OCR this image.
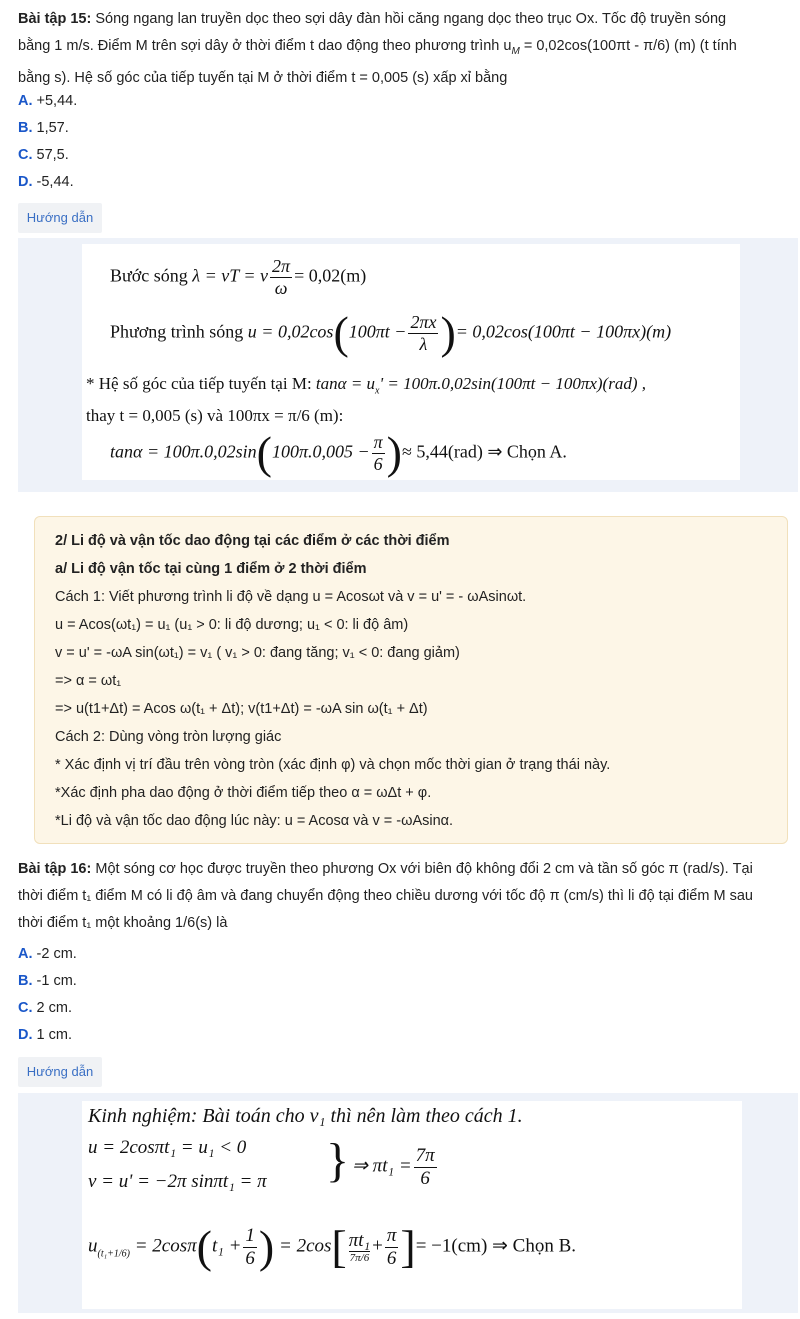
Bài tập 15: Sóng ngang lan truyền dọc theo sợi dây đàn hồi căng ngang dọc theo trục Ox. Tốc độ truyền sóng
bằng 1 m/s. Điểm M trên sợi dây ở thời điểm t dao động theo phương trình $u_M = 0,02\cos(100\pi t - \pi/6)$ (m) (t tính
bằng s). Hệ số góc của tiếp tuyến tại M ở thời điểm t = 0,005 (s) xấp xỉ bằng
A. +5,44.
B. 1,57.
C. 57,5.
D. -5,44.
Hướng dẫn
Bước sóng λ = vT = v $\frac{2\pi}{\omega} = 0,02(m)$
Phương trình sóng $u = 0,02\cos(100\pi t - \frac{2\pi x}{\lambda}$ )= 0,02cos(100πt − 100πx)(m)
* Hệ số góc của tiếp tuyến tại M: $\tan\alpha = u_x' = 100\pi.0,02\sin(100\pi t - 100\pi x)(rad)$ ,
thay t = 0,005 (s) và 100πx = π/6 (m):
$\tan\alpha = 100\pi.0,02\sin(100\pi.0,005 - \frac{\pi}{6}$ )≈ 5,44(rad) ⇒ Chọn A.
2/ Li độ và vận tốc dao động tại các điểm ở các thời điểm
a/ Li độ vận tốc tại cùng 1 điểm ở 2 thời điểm
Cách 1: Viết phương trình li độ về dạng u = Acosωt và v = u' = - ωAsinωt.
u = Acos(ωt₁) = u₁ (u₁ > 0: li độ dương; u₁ < 0: li độ âm)
v = u' = -ωA sin(ωt₁) = v₁ ( v₁ > 0: đang tăng; v₁ < 0: đang giảm)
=> α = ωt₁
=> u(t1+Δt) = Acos ω(t₁ + Δt); v(t1+Δt) = -ωA sin ω(t₁ + Δt)
Cách 2: Dùng vòng tròn lượng giác
* Xác định vị trí đầu trên vòng tròn (xác định φ) và chọn mốc thời gian ở trạng thái này.
*Xác định pha dao động ở thời điểm tiếp theo α = ωΔt + φ.
*Li độ và vận tốc dao động lúc này: u = Acosα và v = -ωAsinα.
Bài tập 16: Một sóng cơ học được truyền theo phương Ox với biên độ không đổi 2 cm và tần số góc π (rad/s). Tại
thời điểm t₁ điểm M có li độ âm và đang chuyển động theo chiều dương với tốc độ π (cm/s) thì li độ tại điểm M sau
thời điểm t₁ một khoảng 1/6(s) là
A. -2 cm.
B. -1 cm.
C. 2 cm.
D. 1 cm.
Hướng dẫn
Kinh nghiệm: Bài toán cho v₁ thì nên làm theo cách 1.
u = 2cosπt₁ = u₁ < 0
v = u' = −2π sinπt₁ = π } ⇒ $\pi t_1 = \frac{7\pi}{6}$
$u_{(t_1+1/6)} = 2\cos\pi(t_1 + \frac{1}{6}$ ) = $2\cos[ \frac{\text{πt₁}}{7\pi/6} + \frac{\pi}{6}$ ]= −1(cm) ⇒ Chọn B.
